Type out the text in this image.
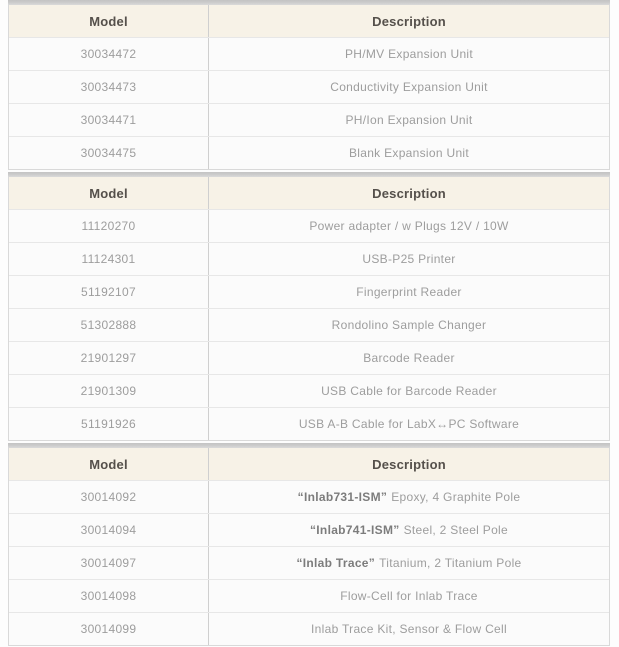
Model	Description
30034472	PH/MV Expansion Unit
30034473	Conductivity Expansion Unit
30034471	PH/Ion Expansion Unit
30034475	Blank Expansion Unit
Model	Description
11120270	Power adapter / w Plugs 12V / 10W
11124301	USB-P25 Printer
51192107	Fingerprint Reader
51302888	Rondolino Sample Changer
21901297	Barcode Reader
21901309	USB Cable for Barcode Reader
51191926	USB A-B Cable for LabX↔PC Software
Model	Description
30014092	“Inlab731-ISM” Epoxy, 4 Graphite Pole
30014094	“Inlab741-ISM” Steel, 2 Steel Pole
30014097	“Inlab Trace” Titanium, 2 Titanium Pole
30014098	Flow-Cell for Inlab Trace
30014099	Inlab Trace Kit, Sensor & Flow Cell
